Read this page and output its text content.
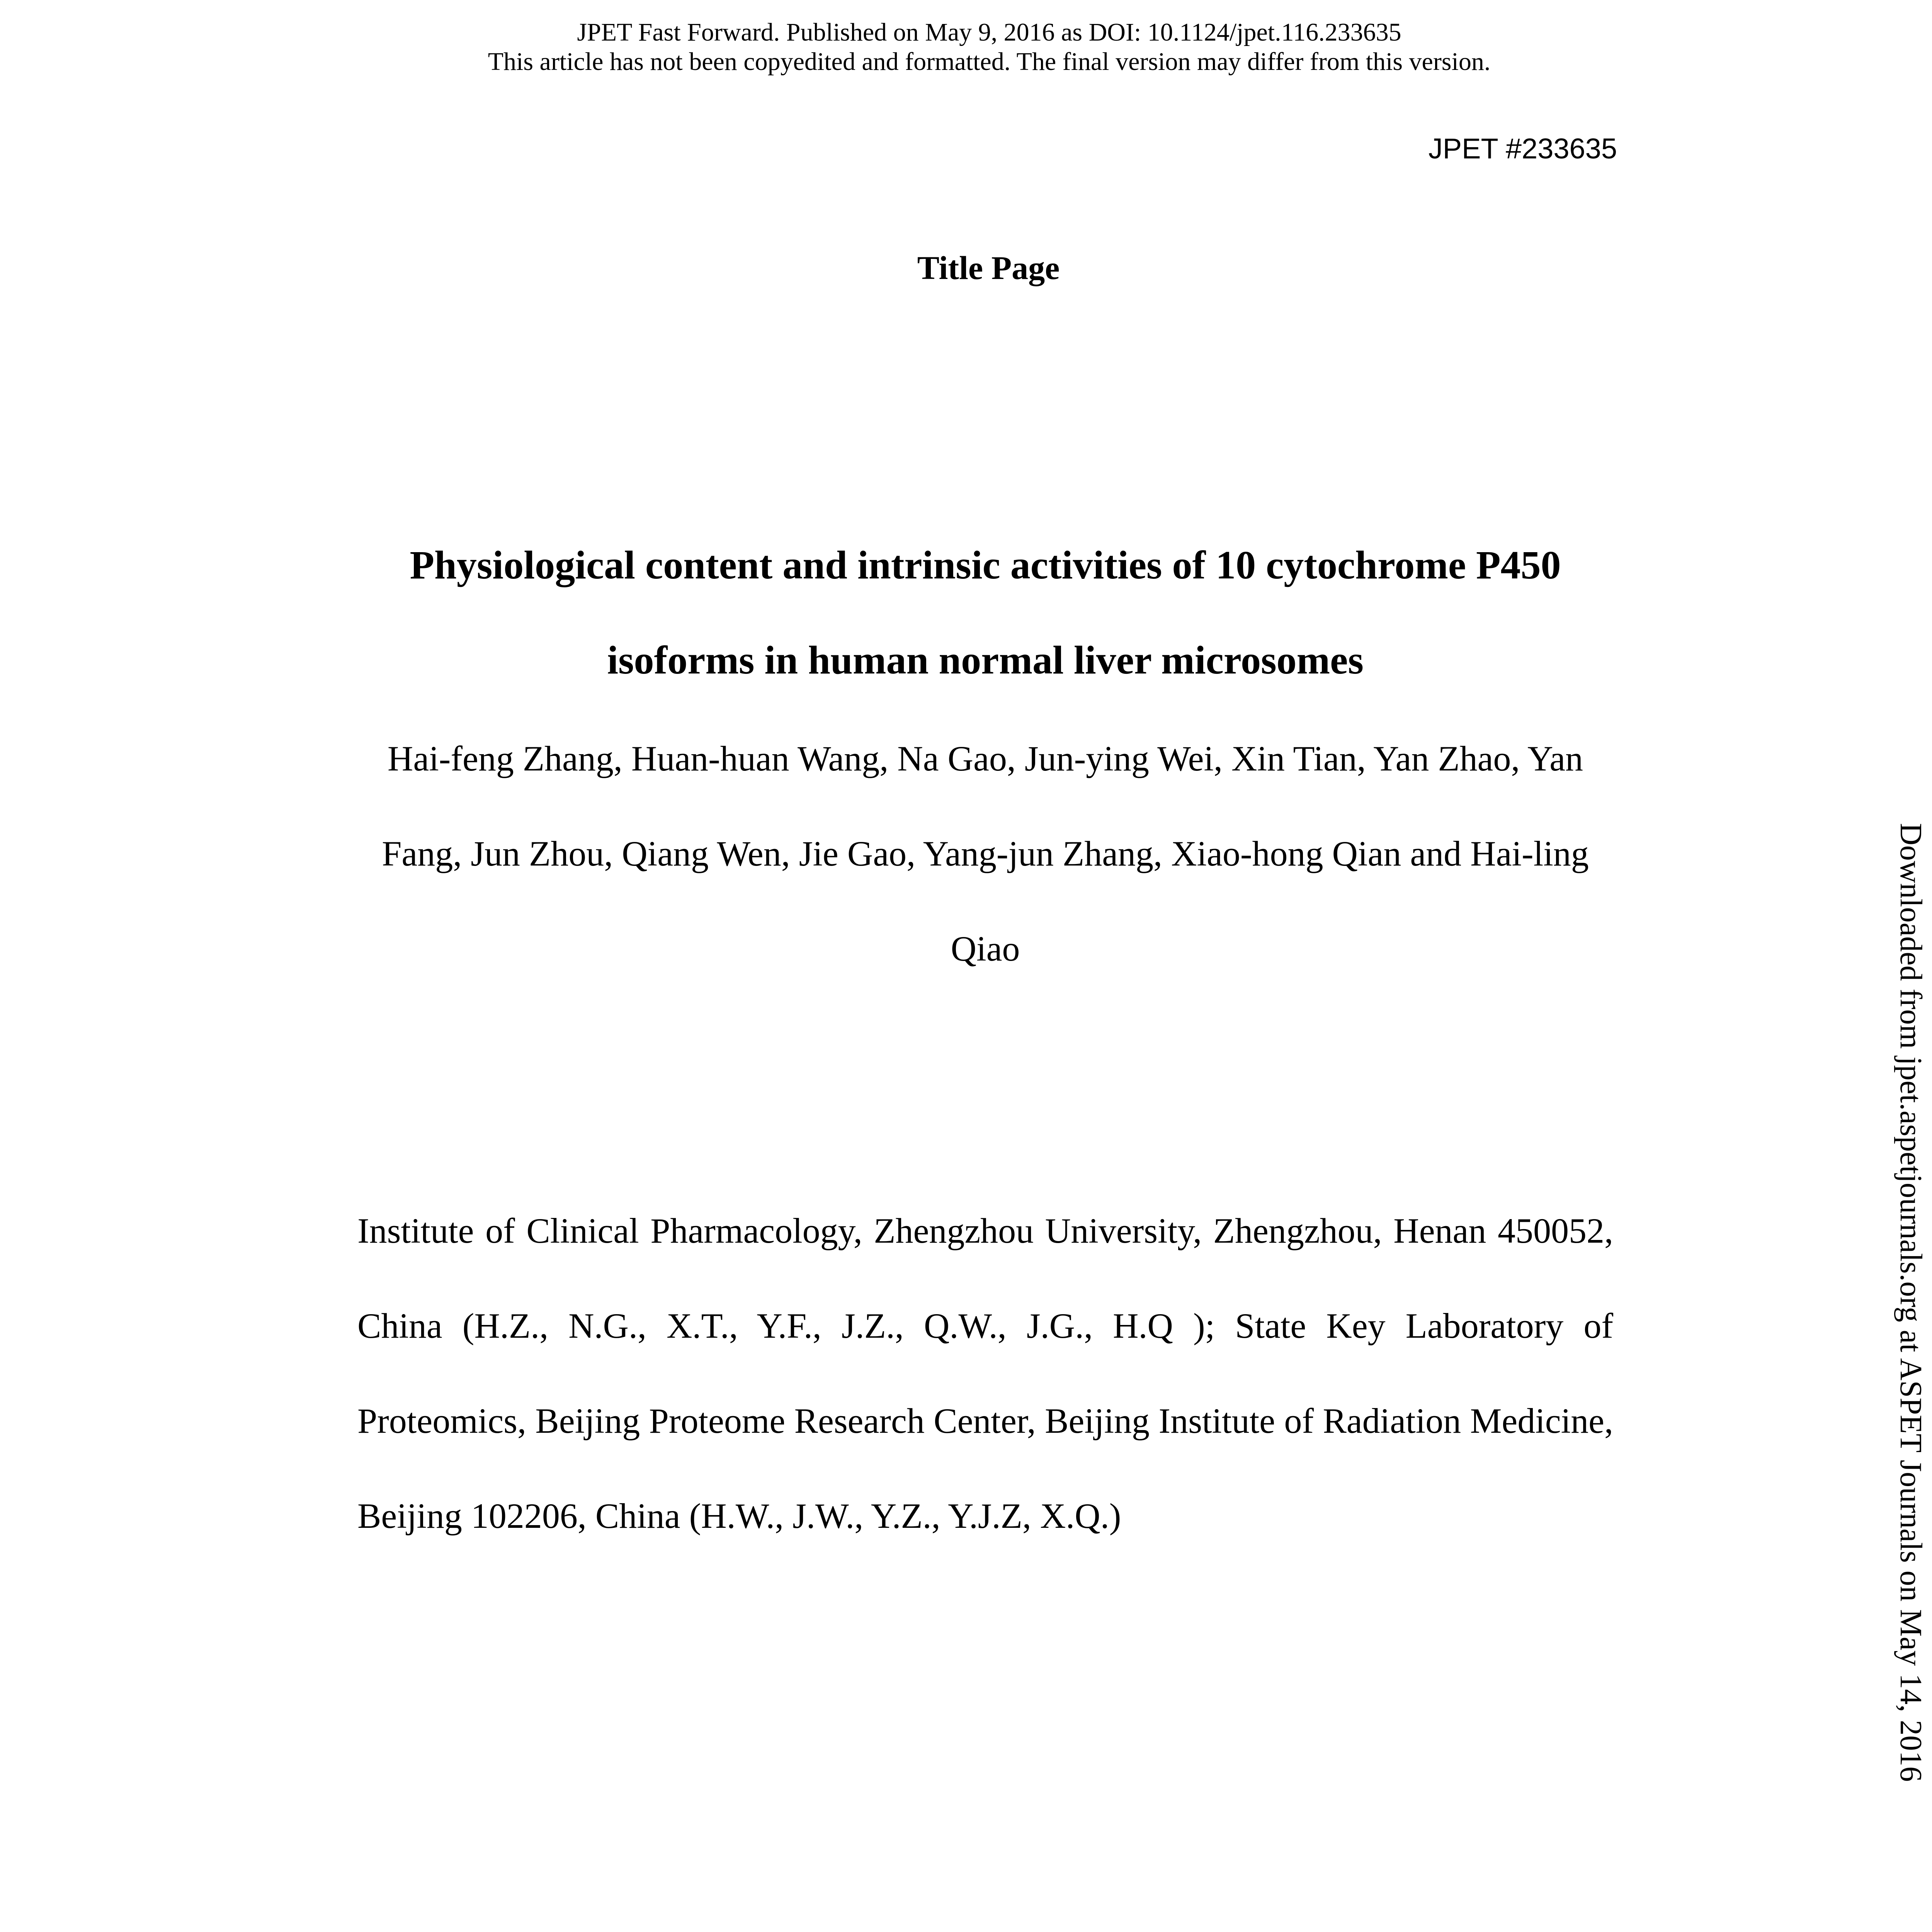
JPET Fast Forward. Published on May 9, 2016 as DOI: 10.1124/jpet.116.233635
This article has not been copyedited and formatted. The final version may differ from this version.
JPET #233635
Title Page
Physiological content and intrinsic activities of 10 cytochrome P450 isoforms in human normal liver microsomes
Hai-feng Zhang, Huan-huan Wang, Na Gao, Jun-ying Wei, Xin Tian, Yan Zhao, Yan Fang, Jun Zhou, Qiang Wen, Jie Gao, Yang-jun Zhang, Xiao-hong Qian and Hai-ling Qiao
Institute of Clinical Pharmacology, Zhengzhou University, Zhengzhou, Henan 450052, China (H.Z., N.G., X.T., Y.F., J.Z., Q.W., J.G., H.Q ); State Key Laboratory of Proteomics, Beijing Proteome Research Center, Beijing Institute of Radiation Medicine, Beijing 102206, China (H.W., J.W., Y.Z., Y.J.Z, X.Q.)	Downloaded from jpet.aspetjournals.org at ASPET Journals on May 14, 2016
